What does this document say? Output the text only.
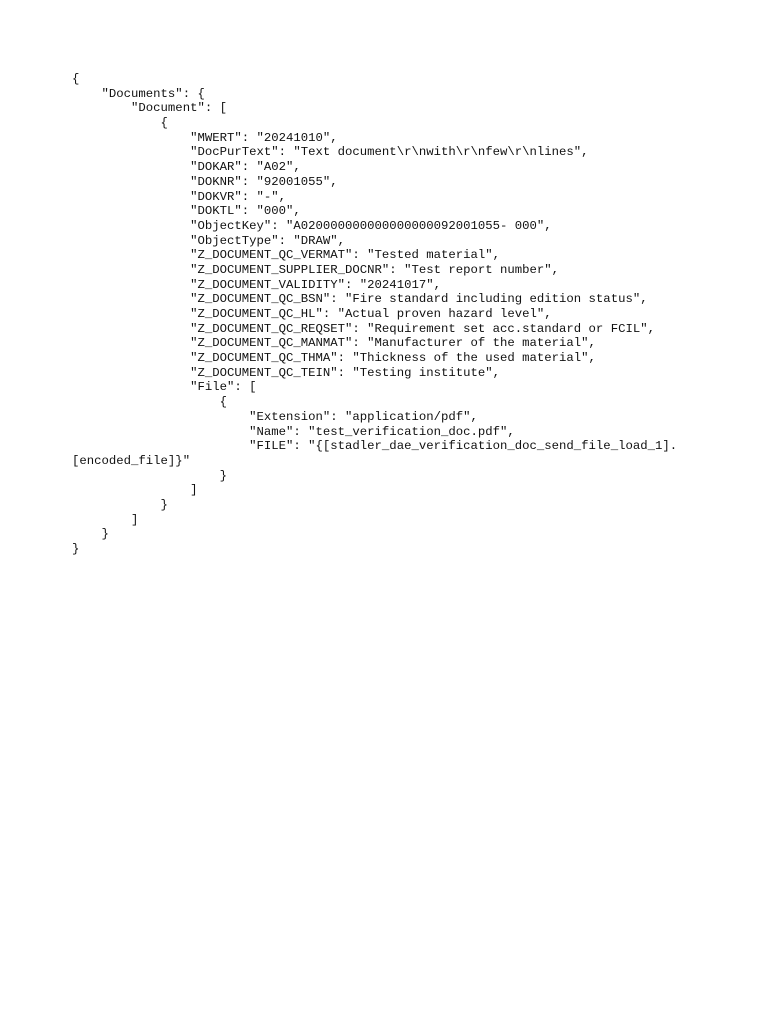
{
"Documents": {
"Document": [
{
"MWERT": "20241010",
"DocPurText": "Text document\r\nwith\r\nfew\r\nlines",
"DOKAR": "A02",
"DOKNR": "92001055",
"DOKVR": "-",
"DOKTL": "000",
"ObjectKey": "A020000000000000000092001055- 000",
"ObjectType": "DRAW",
"Z_DOCUMENT_QC_VERMAT": "Tested material",
"Z_DOCUMENT_SUPPLIER_DOCNR": "Test report number",
"Z_DOCUMENT_VALIDITY": "20241017",
"Z_DOCUMENT_QC_BSN": "Fire standard including edition status",
"Z_DOCUMENT_QC_HL": "Actual proven hazard level",
"Z_DOCUMENT_QC_REQSET": "Requirement set acc.standard or FCIL",
"Z_DOCUMENT_QC_MANMAT": "Manufacturer of the material",
"Z_DOCUMENT_QC_THMA": "Thickness of the used material",
"Z_DOCUMENT_QC_TEIN": "Testing institute",
"File": [
{
"Extension": "application/pdf",
"Name": "test_verification_doc.pdf",
"FILE": "{[stadler_dae_verification_doc_send_file_load_1].
[encoded_file]}"
}
]
}
]
}
}
